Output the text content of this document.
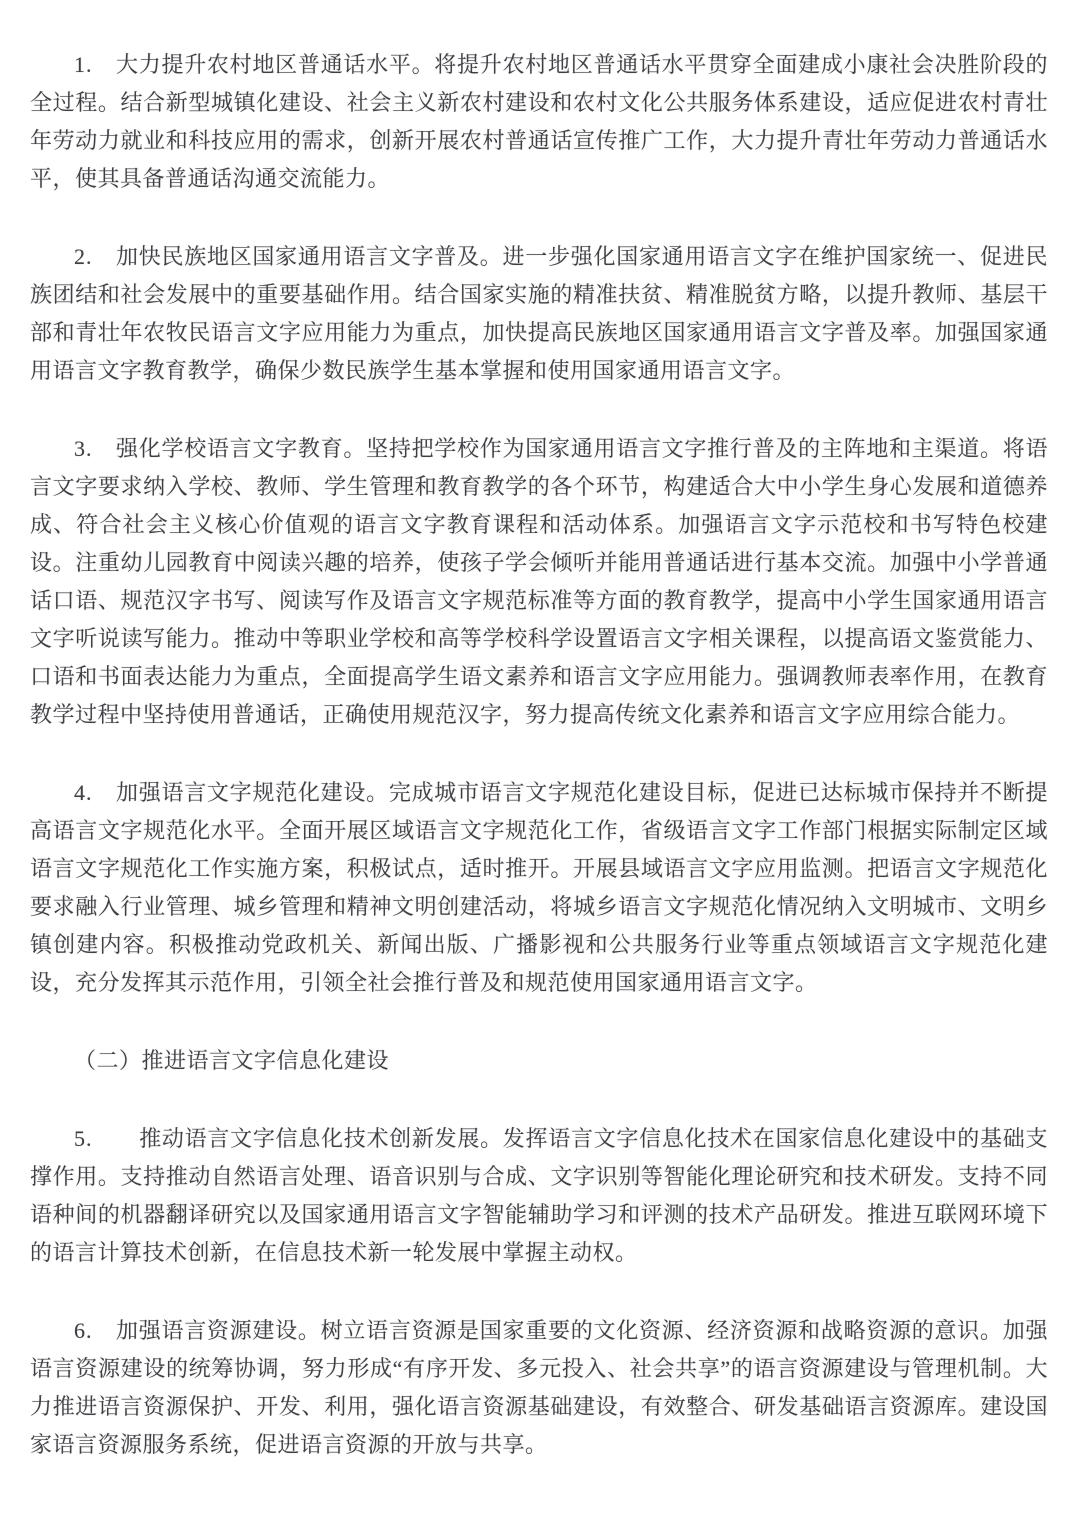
1.　大力提升农村地区普通话水平。将提升农村地区普通话水平贯穿全面建成小康社会决胜阶段的全过程。结合新型城镇化建设、社会主义新农村建设和农村文化公共服务体系建设，适应促进农村青壮年劳动力就业和科技应用的需求，创新开展农村普通话宣传推广工作，大力提升青壮年劳动力普通话水平，使其具备普通话沟通交流能力。

2.　加快民族地区国家通用语言文字普及。进一步强化国家通用语言文字在维护国家统一、促进民族团结和社会发展中的重要基础作用。结合国家实施的精准扶贫、精准脱贫方略，以提升教师、基层干部和青壮年农牧民语言文字应用能力为重点，加快提高民族地区国家通用语言文字普及率。加强国家通用语言文字教育教学，确保少数民族学生基本掌握和使用国家通用语言文字。

3.　强化学校语言文字教育。坚持把学校作为国家通用语言文字推行普及的主阵地和主渠道。将语言文字要求纳入学校、教师、学生管理和教育教学的各个环节，构建适合大中小学生身心发展和道德养成、符合社会主义核心价值观的语言文字教育课程和活动体系。加强语言文字示范校和书写特色校建设。注重幼儿园教育中阅读兴趣的培养，使孩子学会倾听并能用普通话进行基本交流。加强中小学普通话口语、规范汉字书写、阅读写作及语言文字规范标准等方面的教育教学，提高中小学生国家通用语言文字听说读写能力。推动中等职业学校和高等学校科学设置语言文字相关课程，以提高语文鉴赏能力、口语和书面表达能力为重点，全面提高学生语文素养和语言文字应用能力。强调教师表率作用，在教育教学过程中坚持使用普通话，正确使用规范汉字，努力提高传统文化素养和语言文字应用综合能力。

4.　加强语言文字规范化建设。完成城市语言文字规范化建设目标，促进已达标城市保持并不断提高语言文字规范化水平。全面开展区域语言文字规范化工作，省级语言文字工作部门根据实际制定区域语言文字规范化工作实施方案，积极试点，适时推开。开展县域语言文字应用监测。把语言文字规范化要求融入行业管理、城乡管理和精神文明创建活动，将城乡语言文字规范化情况纳入文明城市、文明乡镇创建内容。积极推动党政机关、新闻出版、广播影视和公共服务行业等重点领域语言文字规范化建设，充分发挥其示范作用，引领全社会推行普及和规范使用国家通用语言文字。

（二）推进语言文字信息化建设

5.　　推动语言文字信息化技术创新发展。发挥语言文字信息化技术在国家信息化建设中的基础支撑作用。支持推动自然语言处理、语音识别与合成、文字识别等智能化理论研究和技术研发。支持不同语种间的机器翻译研究以及国家通用语言文字智能辅助学习和评测的技术产品研发。推进互联网环境下的语言计算技术创新，在信息技术新一轮发展中掌握主动权。

6.　加强语言资源建设。树立语言资源是国家重要的文化资源、经济资源和战略资源的意识。加强语言资源建设的统筹协调，努力形成“有序开发、多元投入、社会共享”的语言资源建设与管理机制。大力推进语言资源保护、开发、利用，强化语言资源基础建设，有效整合、研发基础语言资源库。建设国家语言资源服务系统，促进语言资源的开放与共享。
